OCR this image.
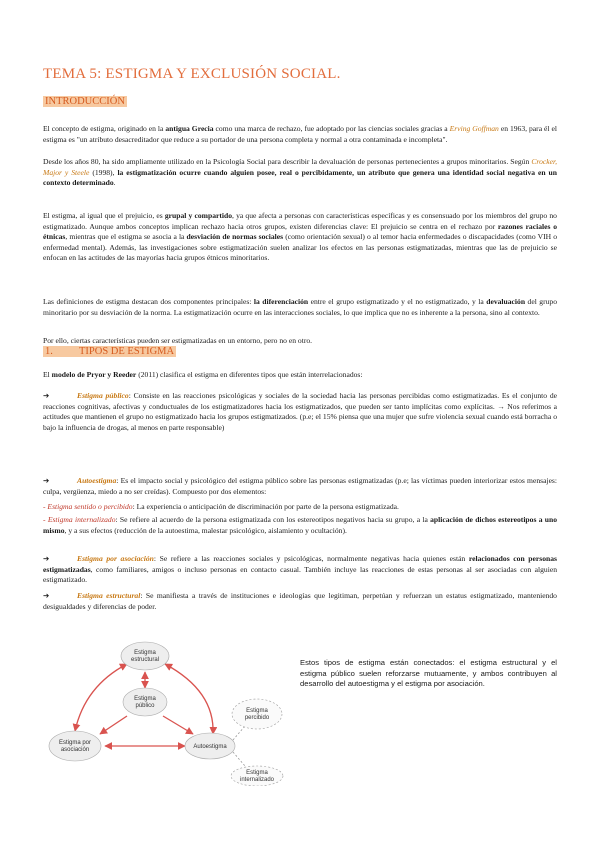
TEMA 5: ESTIGMA Y EXCLUSIÓN SOCIAL.
INTRODUCCIÓN

El concepto de estigma, originado en la antigua Grecia como una marca de rechazo, fue adoptado por las ciencias sociales gracias a Erving Goffman en 1963, para él el estigma es "un atributo desacreditador que reduce a su portador de una persona completa y normal a otra contaminada e incompleta".

Desde los años 80, ha sido ampliamente utilizado en la Psicología Social para describir la devaluación de personas pertenecientes a grupos minoritarios. Según Crocker, Major y Steele (1998), la estigmatización ocurre cuando alguien posee, real o percibidamente, un atributo que genera una identidad social negativa en un contexto determinado.

El estigma, al igual que el prejuicio, es grupal y compartido, ya que afecta a personas con características específicas y es consensuado por los miembros del grupo no estigmatizado. Aunque ambos conceptos implican rechazo hacia otros grupos, existen diferencias clave: El prejuicio se centra en el rechazo por razones raciales o étnicas, mientras que el estigma se asocia a la desviación de normas sociales (como orientación sexual) o al temor hacia enfermedades o discapacidades (como VIH o enfermedad mental). Además, las investigaciones sobre estigmatización suelen analizar los efectos en las personas estigmatizadas, mientras que las de prejuicio se enfocan en las actitudes de las mayorías hacia grupos étnicos minoritarios.

Las definiciones de estigma destacan dos componentes principales: la diferenciación entre el grupo estigmatizado y el no estigmatizado, y la devaluación del grupo minoritario por su desviación de la norma. La estigmatización ocurre en las interacciones sociales, lo que implica que no es inherente a la persona, sino al contexto.

Por ello, ciertas características pueden ser estigmatizadas en un entorno, pero no en otro.

1. TIPOS DE ESTIGMA

El modelo de Pryor y Reeder (2011) clasifica el estigma en diferentes tipos que están interrelacionados:

➔	Estigma público: Consiste en las reacciones psicológicas y sociales de la sociedad hacia las personas percibidas como estigmatizadas. Es el conjunto de reacciones cognitivas, afectivas y conductuales de los estigmatizadores hacia los estigmatizados, que pueden ser tanto implícitas como explícitas. → Nos referimos a actitudes que mantienen el grupo no estigmatizado hacia los grupos estigmatizados. (p.e; el 15% piensa que una mujer que sufre violencia sexual cuando está borracha o bajo la influencia de drogas, al menos en parte responsable)

➔	Autoestigma: Es el impacto social y psicológico del estigma público sobre las personas estigmatizadas (p.e; las víctimas pueden interiorizar estos mensajes: culpa, vergüenza, miedo a no ser creídas). Compuesto por dos elementos:

- Estigma sentido o percibido: La experiencia o anticipación de discriminación por parte de la persona estigmatizada.

- Estigma internalizado: Se refiere al acuerdo de la persona estigmatizada con los estereotipos negativos hacia su grupo, a la aplicación de dichos estereotipos a uno mismo, y a sus efectos (reducción de la autoestima, malestar psicológico, aislamiento y ocultación).

➔	Estigma por asociación: Se refiere a las reacciones sociales y psicológicas, normalmente negativas hacia quienes están relacionados con personas estigmatizadas, como familiares, amigos o incluso personas en contacto casual. También incluye las reacciones de estas personas al ser asociadas con alguien estigmatizado.

➔	Estigma estructural: Se manifiesta a través de instituciones e ideologías que legitiman, perpetúan y refuerzan un estatus estigmatizado, manteniendo desigualdades y diferencias de poder.

Estigma
estructural
Estigma
público
Estigma por
asociación	Autoestigma
Estigma
percibido
Estigma
internalizado

Estos tipos de estigma están conectados: el estigma estructural y el estigma público suelen reforzarse mutuamente, y ambos contribuyen al desarrollo del autoestigma y el estigma por asociación.
